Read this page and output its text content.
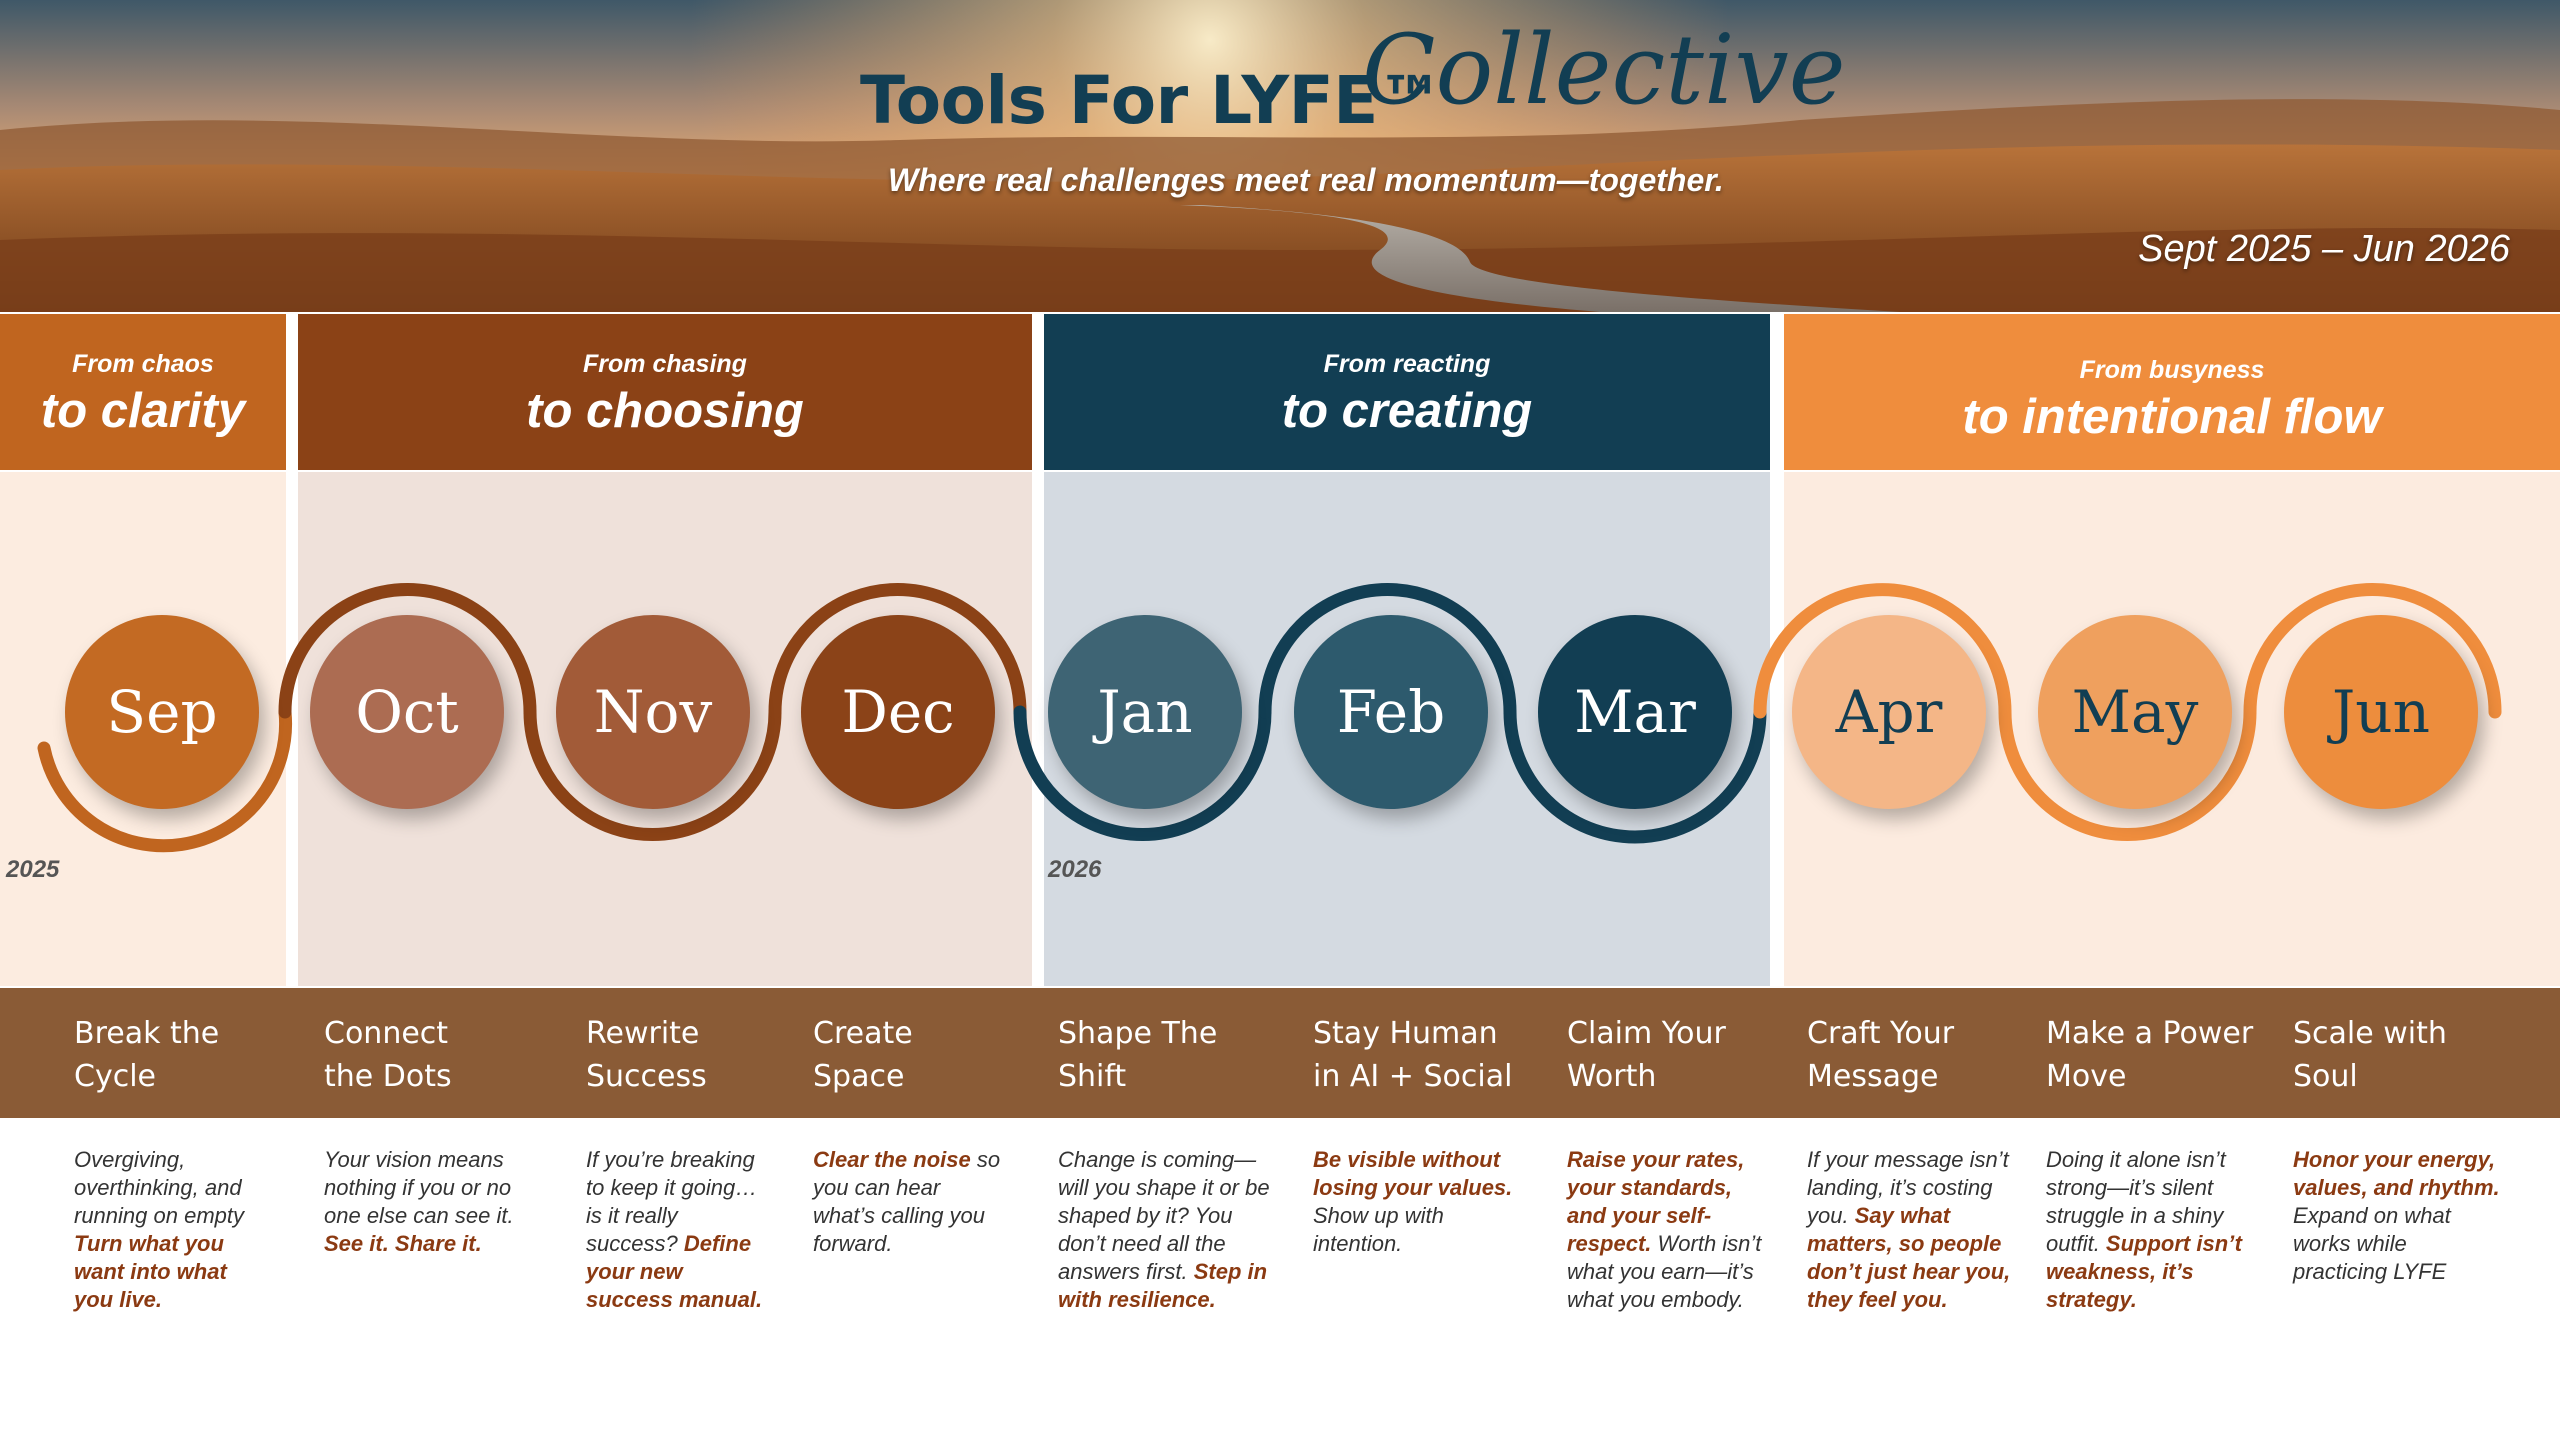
Tools For LYFE™
Collective
Where real challenges meet real momentum—together.
Sept 2025 – Jun 2026
From chaos
to clarity
From chasing
to choosing
From reacting
to creating
From busyness
to intentional flow
2025	2026
Sep Oct Nov Dec Jan Feb Mar Apr May Jun
Break the Cycle
Connect the Dots
Rewrite Success
Create Space
Shape The Shift
Stay Human in AI + Social
Claim Your Worth
Craft Your Message
Make a Power Move
Scale with Soul
Overgiving, overthinking, and running on empty Turn what you want into what you live.
Your vision means nothing if you or no one else can see it. See it. Share it.
If you’re breaking to keep it going… is it really success? Define your new success manual.
Clear the noise so you can hear what’s calling you forward.
Change is coming—will you shape it or be shaped by it? You don’t need all the answers first. Step in with resilience.
Be visible without losing your values. Show up with intention.
Raise your rates, your standards, and your self-respect. Worth isn’t what you earn—it’s what you embody.
If your message isn’t landing, it’s costing you. Say what matters, so people don’t just hear you, they feel you.
Doing it alone isn’t strong—it’s silent struggle in a shiny outfit. Support isn’t weakness, it’s strategy.
Honor your energy, values, and rhythm. Expand on what works while practicing LYFE
